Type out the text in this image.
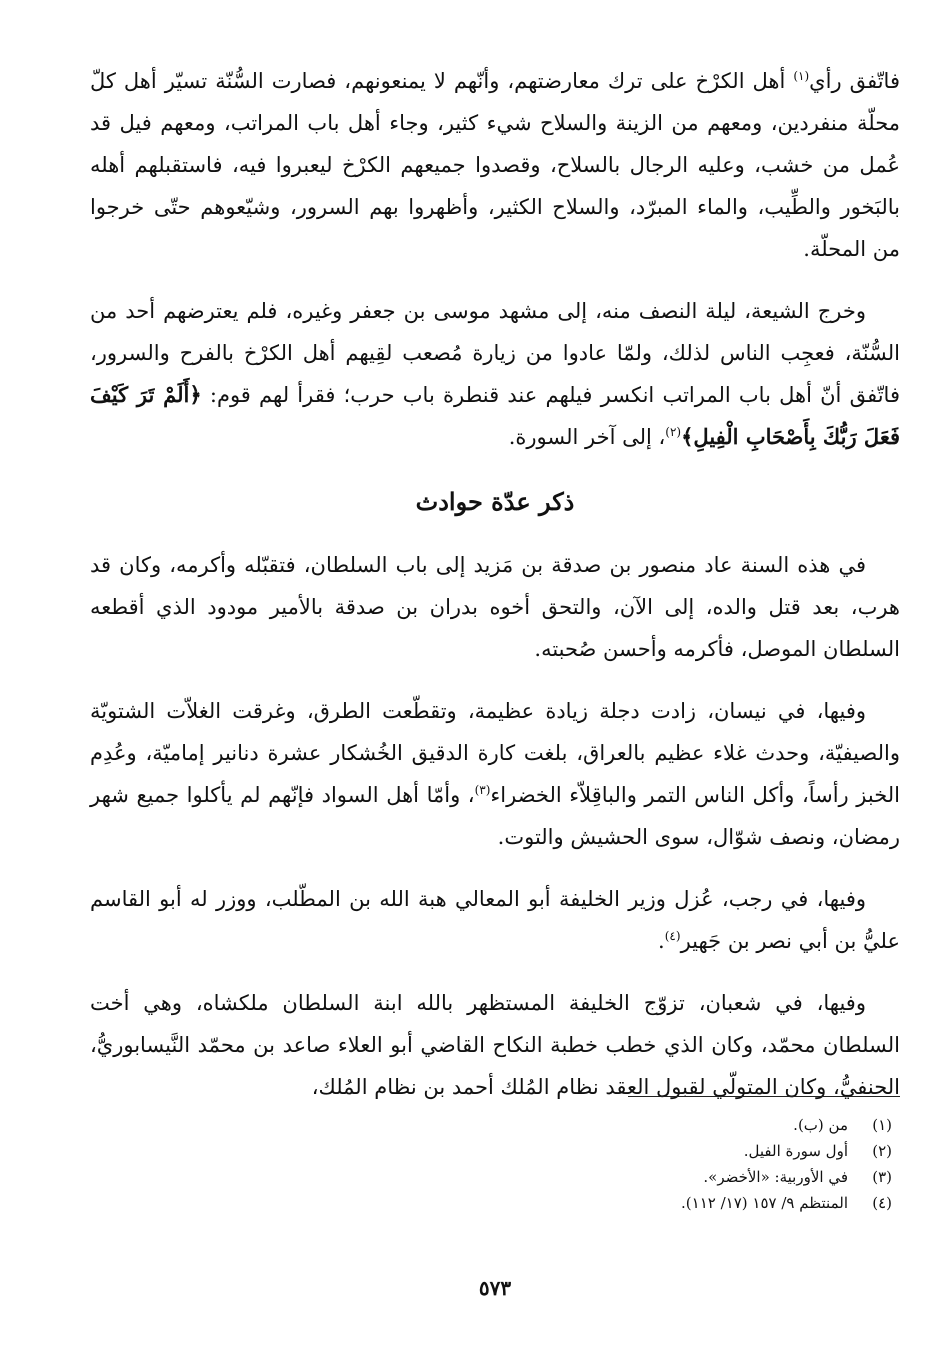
فاتّفق رأي$^{(١)}$ أهل الكرْخ على ترك معارضتهم، وأنّهم لا يمنعونهم، فصارت السُّنّة تسيّر أهل كلّ محلّة منفردين، ومعهم من الزينة والسلاح شيء كثير، وجاء أهل باب المراتب، ومعهم فيل قد عُمل من خشب، وعليه الرجال بالسلاح، وقصدوا جميعهم الكرْخ ليعبروا فيه، فاستقبلهم أهله بالبَخور والطِّيب، والماء المبرّد، والسلاح الكثير، وأظهروا بهم السرور، وشيّعوهم حتّى خرجوا من المحلّة.

وخرج الشيعة، ليلة النصف منه، إلى مشهد موسى بن جعفر وغيره، فلم يعترضهم أحد من السُّنّة، فعجِب الناس لذلك، ولمّا عادوا من زيارة مُصعب لقِيهم أهل الكرْخ بالفرح والسرور، فاتّفق أنّ أهل باب المراتب انكسر فيلهم عند قنطرة باب حرب؛ فقرأ لهم قوم: ﴿أَلَمْ تَرَ كَيْفَ فَعَلَ رَبُّكَ بِأَصْحَابِ الْفِيلِ﴾$^{(٢)}$، إلى آخر السورة.

ذكر عدّة حوادث

في هذه السنة عاد منصور بن صدقة بن مَزيد إلى باب السلطان، فتقبّله وأكرمه، وكان قد هرب، بعد قتل والده، إلى الآن، والتحق أخوه بدران بن صدقة بالأمير مودود الذي أقطعه السلطان الموصل، فأكرمه وأحسن صُحبته.

وفيها، في نيسان، زادت دجلة زيادة عظيمة، وتقطّعت الطرق، وغرقت الغلاّت الشتويّة والصيفيّة، وحدث غلاء عظيم بالعراق، بلغت كارة الدقيق الخُشكار عشرة دنانير إماميّة، وعُدِم الخبز رأساً، وأكل الناس التمر والباقِلاّء الخضراء$^{(٣)}$، وأمّا أهل السواد فإنّهم لم يأكلوا جميع شهر رمضان، ونصف شوّال، سوى الحشيش والتوت.

وفيها، في رجب، عُزل وزير الخليفة أبو المعالي هبة الله بن المطّلب، ووزر له أبو القاسم عليُّ بن أبي نصر بن جَهير$^{(٤)}$.

وفيها، في شعبان، تزوّج الخليفة المستظهر بالله ابنة السلطان ملكشاه، وهي أخت السلطان محمّد، وكان الذي خطب خطبة النكاح القاضي أبو العلاء صاعد بن محمّد النَّيسابوريُّ، الحنفيُّ، وكان المتولّي لقبول العقد نظام المُلك أحمد بن نظام المُلك،

(١)
من (ب).
(٢)
أول سورة الفيل.
(٣)
في الأوربية: «الأخضر».
(٤)
المنتظم ٩/ ١٥٧ (١٧/ ١١٢).
٥٧٣
